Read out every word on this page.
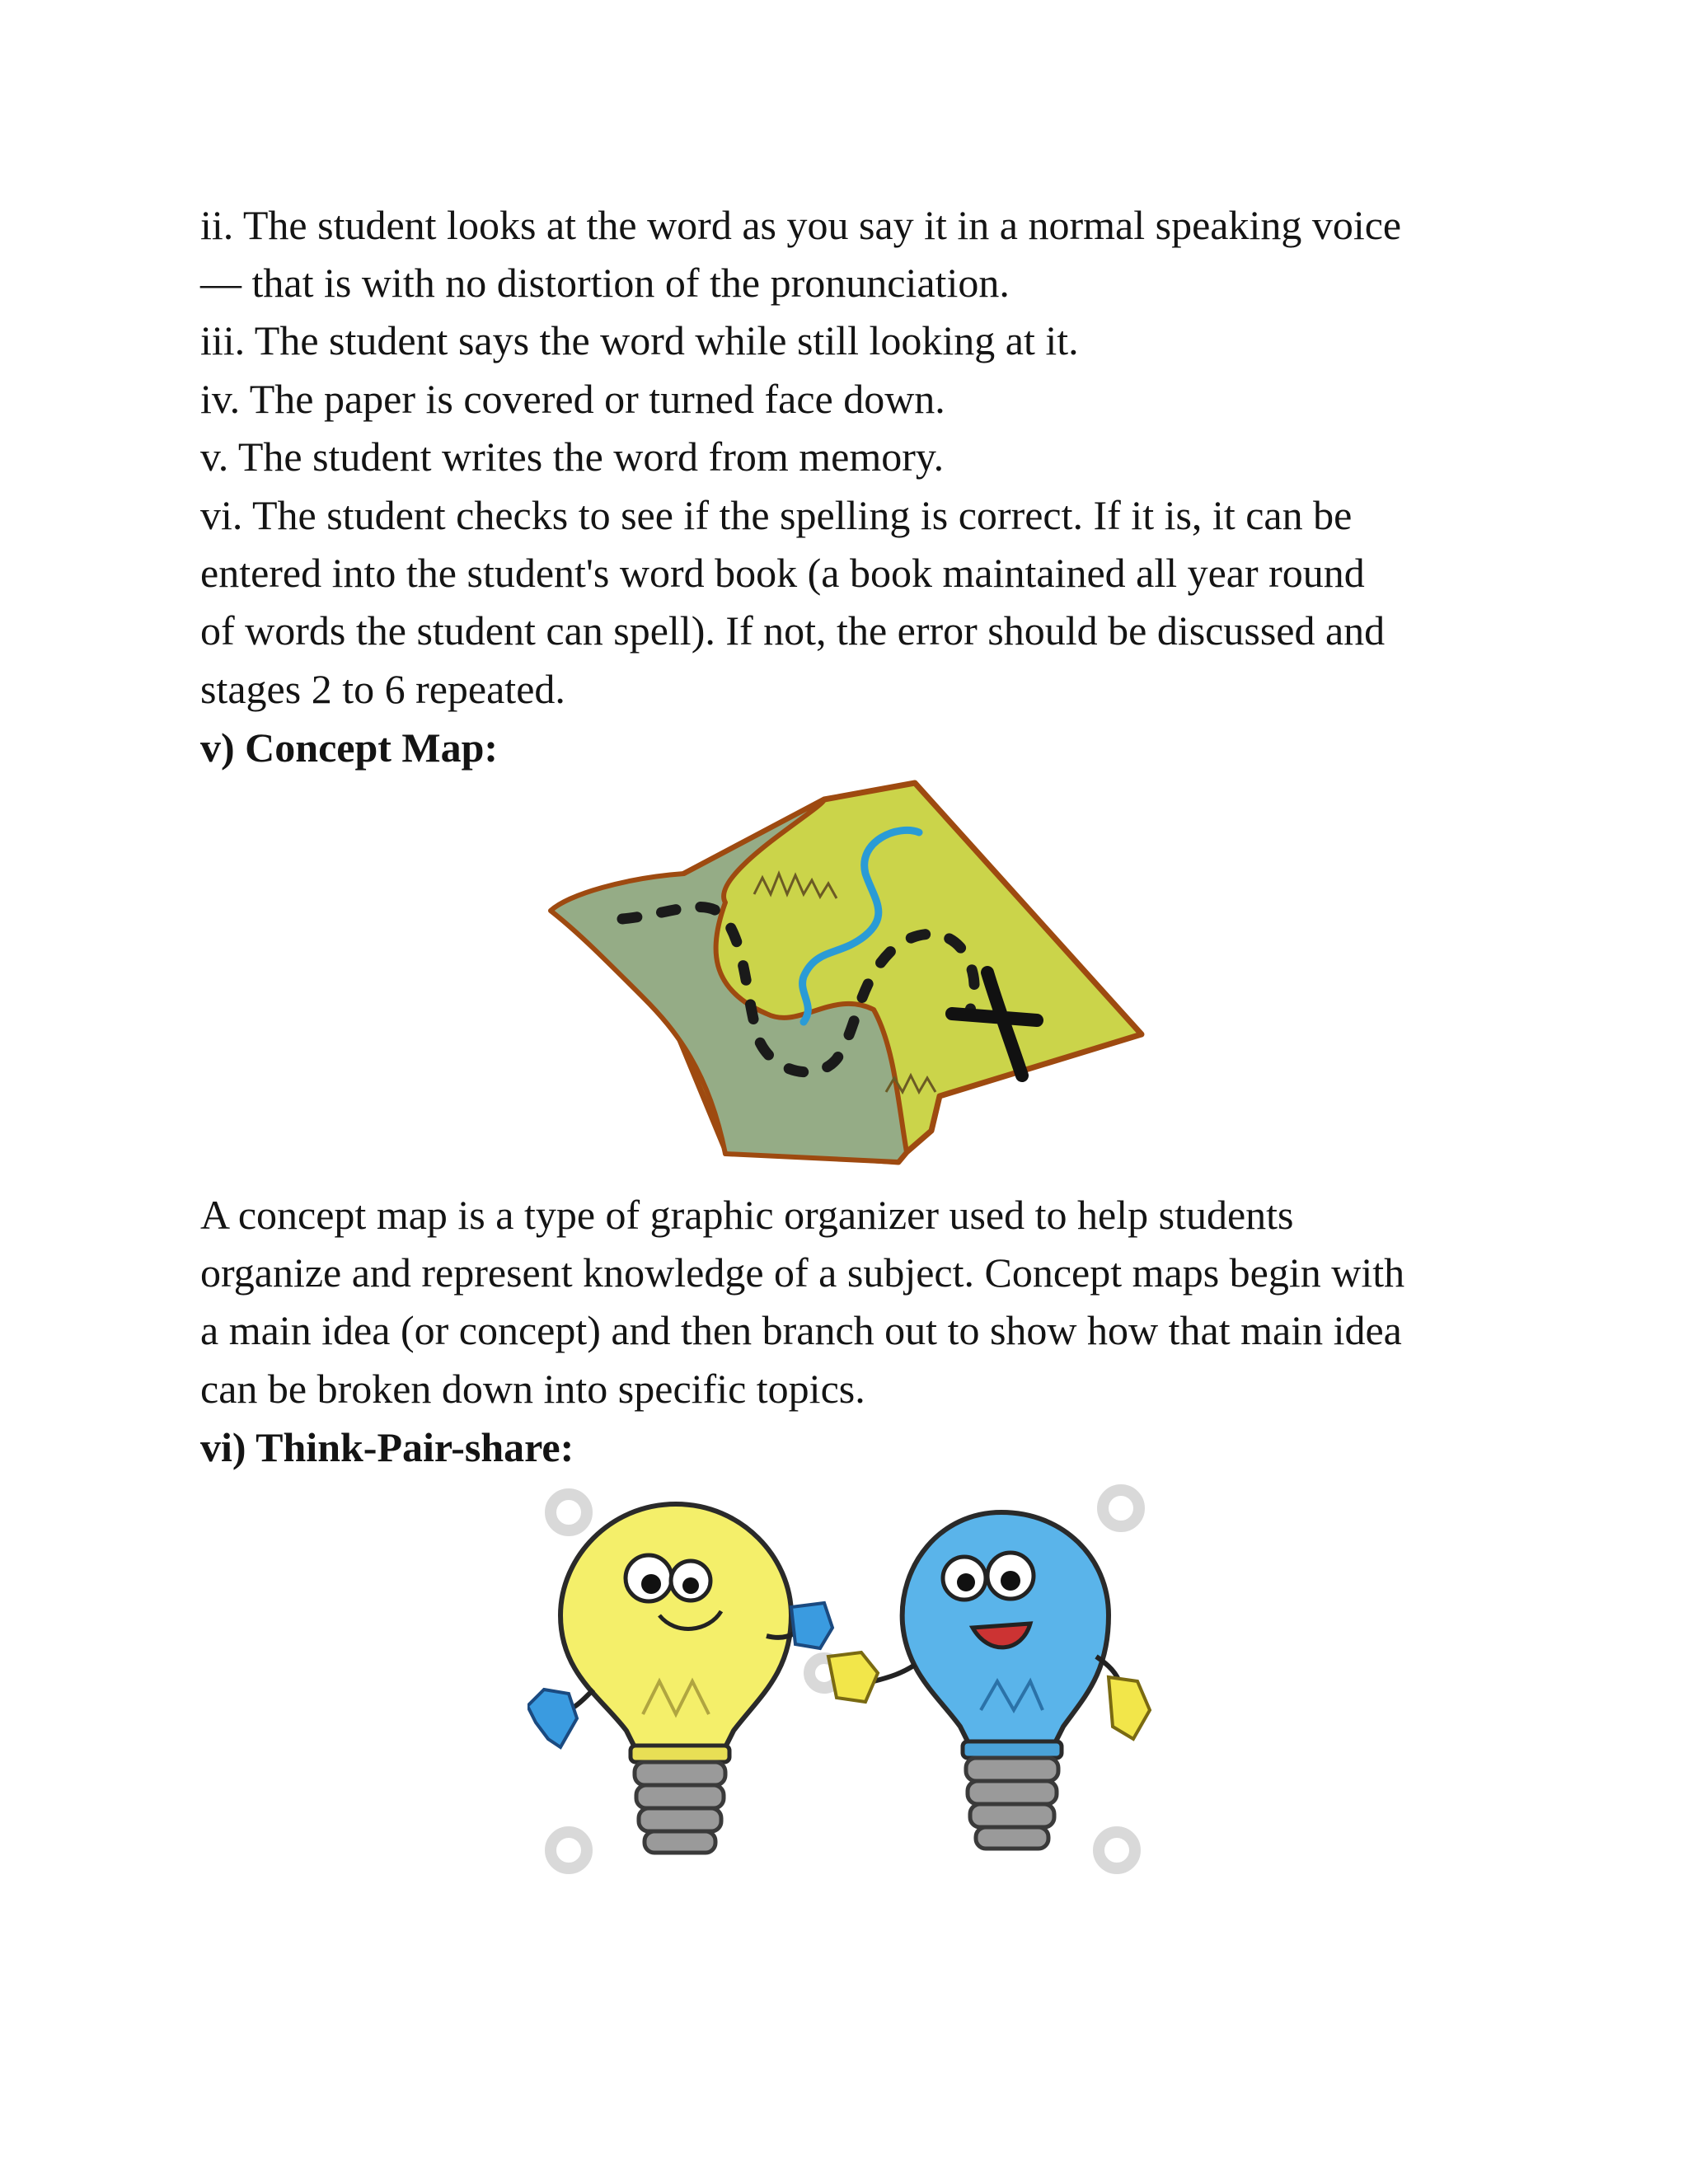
ii. The student looks at the word as you say it in a normal speaking voice

— that is with no distortion of the pronunciation.

iii. The student says the word while still looking at it.

iv. The paper is covered or turned face down.

v. The student writes the word from memory.

vi. The student checks to see if the spelling is correct. If it is, it can be

entered into the student's word book (a book maintained all year round

of words the student can spell). If not, the error should be discussed and

stages 2 to 6 repeated.

v) Concept Map:

A concept map is a type of graphic organizer used to help students

organize and represent knowledge of a subject. Concept maps begin with

a main idea (or concept) and then branch out to show how that main idea

can be broken down into specific topics.

vi) Think-Pair-share:
